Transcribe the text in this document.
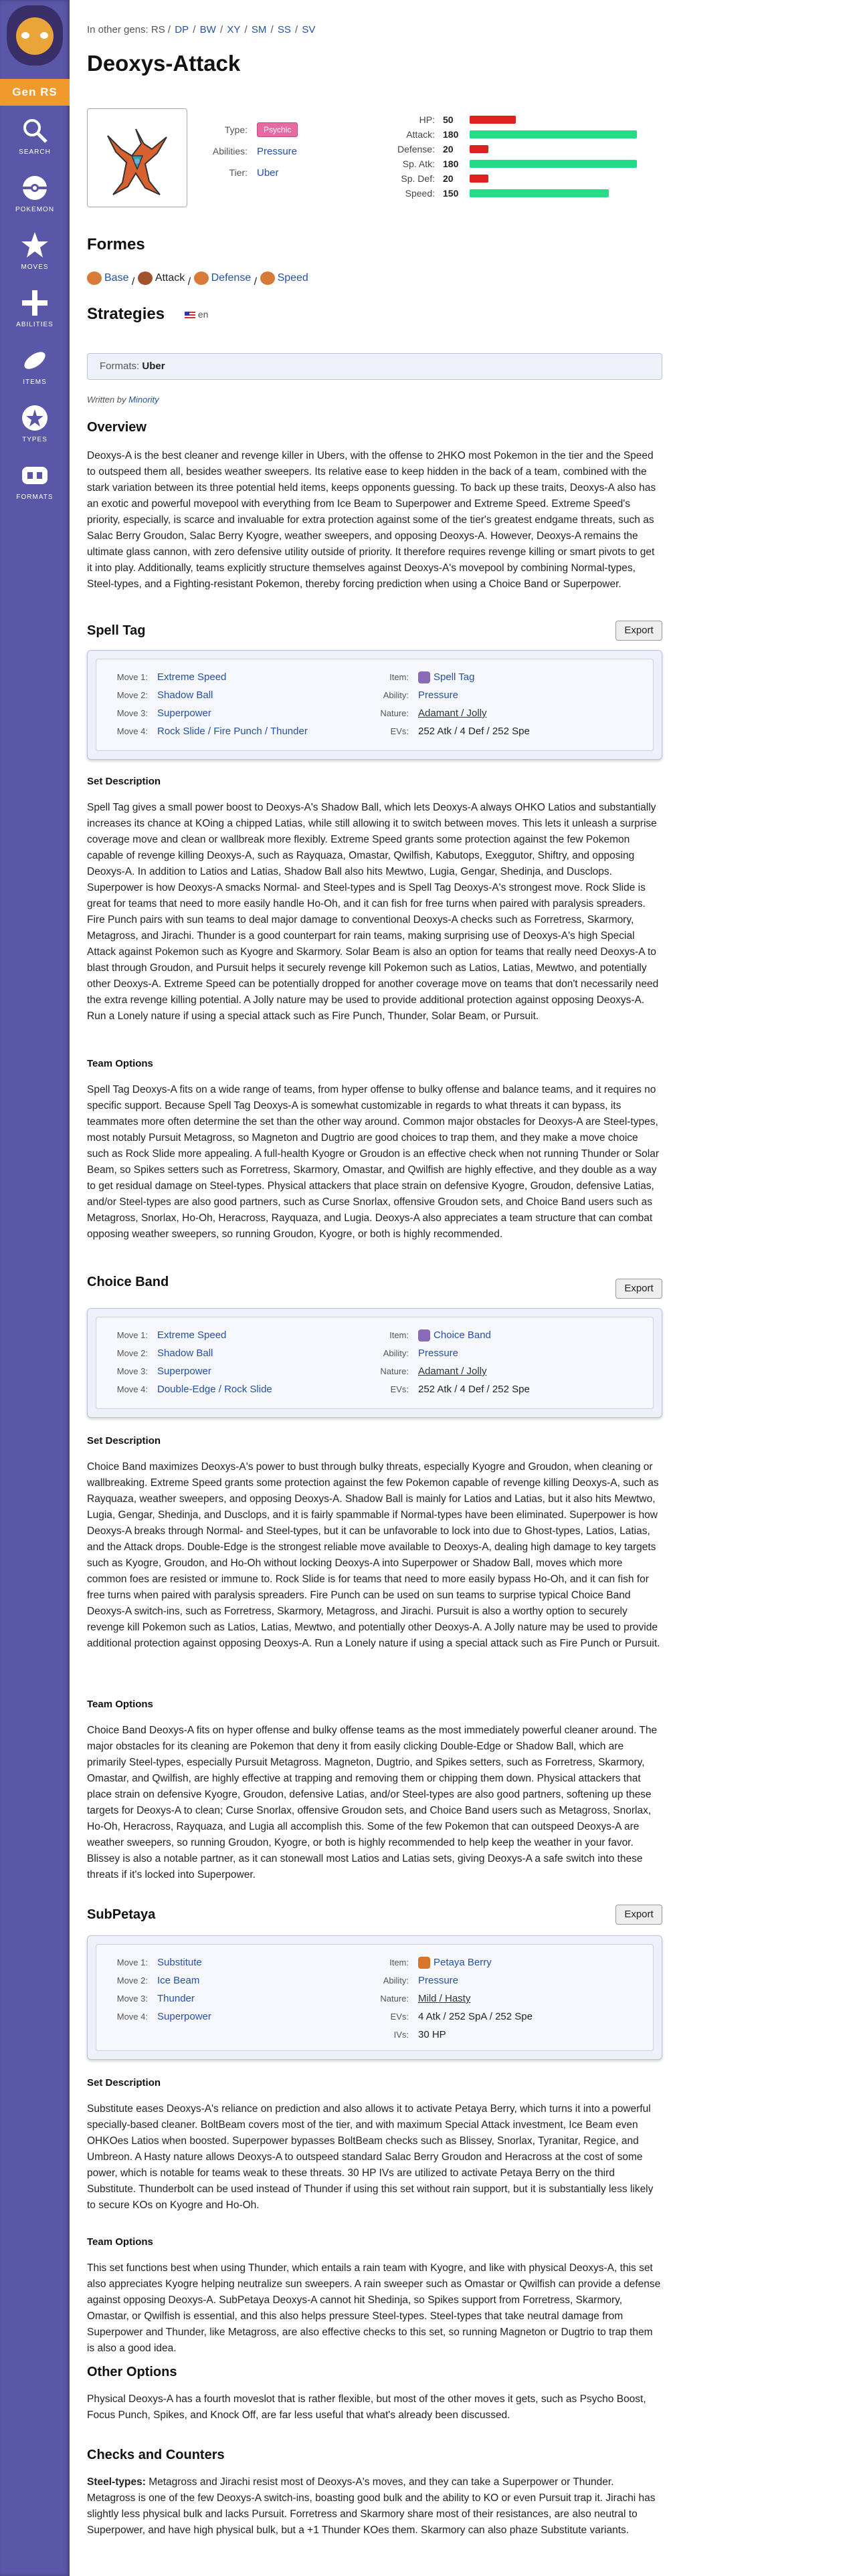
Gen RS
SEARCH
POKEMON
MOVES
ABILITIES
ITEMS
TYPES
FORMATS
In other gens: RS / DP / BW / XY / SM / SS / SV
Deoxys-Attack
Type:	Psychic
Abilities: Pressure
Tier: Uber
HP: 50
Attack: 180
Defense: 20
Sp. Atk: 180
Sp. Def: 20
Speed: 150
Formes
Base / Attack / Defense / Speed
Strategies	en
Formats: Uber
Written by Minority
Overview
Deoxys-A is the best cleaner and revenge killer in Ubers, with the offense to 2HKO most Pokemon in the tier and the Speed to outspeed them all, besides weather sweepers. Its relative ease to keep hidden in the back of a team, combined with the stark variation between its three potential held items, keeps opponents guessing. To back up these traits, Deoxys-A also has an exotic and powerful movepool with everything from Ice Beam to Superpower and Extreme Speed. Extreme Speed's priority, especially, is scarce and invaluable for extra protection against some of the tier's greatest endgame threats, such as Salac Berry Groudon, Salac Berry Kyogre, weather sweepers, and opposing Deoxys-A. However, Deoxys-A remains the ultimate glass cannon, with zero defensive utility outside of priority. It therefore requires revenge killing or smart pivots to get it into play. Additionally, teams explicitly structure themselves against Deoxys-A's movepool by combining Normal-types, Steel-types, and a Fighting-resistant Pokemon, thereby forcing prediction when using a Choice Band or Superpower.
Spell Tag	Export
Move 1: Extreme Speed
Move 2: Shadow Ball
Move 3: Superpower
Move 4: Rock Slide / Fire Punch / Thunder
Item: Spell Tag
Ability: Pressure
Nature: Adamant / Jolly
EVs: 252 Atk / 4 Def / 252 Spe
Set Description
Spell Tag gives a small power boost to Deoxys-A's Shadow Ball, which lets Deoxys-A always OHKO Latios and substantially increases its chance at KOing a chipped Latias, while still allowing it to switch between moves. This lets it unleash a surprise coverage move and clean or wallbreak more flexibly. Extreme Speed grants some protection against the few Pokemon capable of revenge killing Deoxys-A, such as Rayquaza, Omastar, Qwilfish, Kabutops, Exeggutor, Shiftry, and opposing Deoxys-A. In addition to Latios and Latias, Shadow Ball also hits Mewtwo, Lugia, Gengar, Shedinja, and Dusclops. Superpower is how Deoxys-A smacks Normal- and Steel-types and is Spell Tag Deoxys-A's strongest move. Rock Slide is great for teams that need to more easily handle Ho-Oh, and it can fish for free turns when paired with paralysis spreaders. Fire Punch pairs with sun teams to deal major damage to conventional Deoxys-A checks such as Forretress, Skarmory, Metagross, and Jirachi. Thunder is a good counterpart for rain teams, making surprising use of Deoxys-A's high Special Attack against Pokemon such as Kyogre and Skarmory. Solar Beam is also an option for teams that really need Deoxys-A to blast through Groudon, and Pursuit helps it securely revenge kill Pokemon such as Latios, Latias, Mewtwo, and potentially other Deoxys-A. Extreme Speed can be potentially dropped for another coverage move on teams that don't necessarily need the extra revenge killing potential. A Jolly nature may be used to provide additional protection against opposing Deoxys-A. Run a Lonely nature if using a special attack such as Fire Punch, Thunder, Solar Beam, or Pursuit.
Team Options
Spell Tag Deoxys-A fits on a wide range of teams, from hyper offense to bulky offense and balance teams, and it requires no specific support. Because Spell Tag Deoxys-A is somewhat customizable in regards to what threats it can bypass, its teammates more often determine the set than the other way around. Common major obstacles for Deoxys-A are Steel-types, most notably Pursuit Metagross, so Magneton and Dugtrio are good choices to trap them, and they make a move choice such as Rock Slide more appealing. A full-health Kyogre or Groudon is an effective check when not running Thunder or Solar Beam, so Spikes setters such as Forretress, Skarmory, Omastar, and Qwilfish are highly effective, and they double as a way to get residual damage on Steel-types. Physical attackers that place strain on defensive Kyogre, Groudon, defensive Latias, and/or Steel-types are also good partners, such as Curse Snorlax, offensive Groudon sets, and Choice Band users such as Metagross, Snorlax, Ho-Oh, Heracross, Rayquaza, and Lugia. Deoxys-A also appreciates a team structure that can combat opposing weather sweepers, so running Groudon, Kyogre, or both is highly recommended.
Choice Band	Export
Move 1: Extreme Speed
Move 2: Shadow Ball
Move 3: Superpower
Move 4: Double-Edge / Rock Slide
Item: Choice Band
Ability: Pressure
Nature: Adamant / Jolly
EVs: 252 Atk / 4 Def / 252 Spe
Set Description
Choice Band maximizes Deoxys-A's power to bust through bulky threats, especially Kyogre and Groudon, when cleaning or wallbreaking. Extreme Speed grants some protection against the few Pokemon capable of revenge killing Deoxys-A, such as Rayquaza, weather sweepers, and opposing Deoxys-A. Shadow Ball is mainly for Latios and Latias, but it also hits Mewtwo, Lugia, Gengar, Shedinja, and Dusclops, and it is fairly spammable if Normal-types have been eliminated. Superpower is how Deoxys-A breaks through Normal- and Steel-types, but it can be unfavorable to lock into due to Ghost-types, Latios, Latias, and the Attack drops. Double-Edge is the strongest reliable move available to Deoxys-A, dealing high damage to key targets such as Kyogre, Groudon, and Ho-Oh without locking Deoxys-A into Superpower or Shadow Ball, moves which more common foes are resisted or immune to. Rock Slide is for teams that need to more easily bypass Ho-Oh, and it can fish for free turns when paired with paralysis spreaders. Fire Punch can be used on sun teams to surprise typical Choice Band Deoxys-A switch-ins, such as Forretress, Skarmory, Metagross, and Jirachi. Pursuit is also a worthy option to securely revenge kill Pokemon such as Latios, Latias, Mewtwo, and potentially other Deoxys-A. A Jolly nature may be used to provide additional protection against opposing Deoxys-A. Run a Lonely nature if using a special attack such as Fire Punch or Pursuit.
Team Options
Choice Band Deoxys-A fits on hyper offense and bulky offense teams as the most immediately powerful cleaner around. The major obstacles for its cleaning are Pokemon that deny it from easily clicking Double-Edge or Shadow Ball, which are primarily Steel-types, especially Pursuit Metagross. Magneton, Dugtrio, and Spikes setters, such as Forretress, Skarmory, Omastar, and Qwilfish, are highly effective at trapping and removing them or chipping them down. Physical attackers that place strain on defensive Kyogre, Groudon, defensive Latias, and/or Steel-types are also good partners, softening up these targets for Deoxys-A to clean; Curse Snorlax, offensive Groudon sets, and Choice Band users such as Metagross, Snorlax, Ho-Oh, Heracross, Rayquaza, and Lugia all accomplish this. Some of the few Pokemon that can outspeed Deoxys-A are weather sweepers, so running Groudon, Kyogre, or both is highly recommended to help keep the weather in your favor. Blissey is also a notable partner, as it can stonewall most Latios and Latias sets, giving Deoxys-A a safe switch into these threats if it's locked into Superpower.
SubPetaya	Export
Move 1: Substitute
Move 2: Ice Beam
Move 3: Thunder
Move 4: Superpower
Item: Petaya Berry
Ability: Pressure
Nature: Mild / Hasty
EVs: 4 Atk / 252 SpA / 252 Spe
IVs: 30 HP
Set Description
Substitute eases Deoxys-A's reliance on prediction and also allows it to activate Petaya Berry, which turns it into a powerful specially-based cleaner. BoltBeam covers most of the tier, and with maximum Special Attack investment, Ice Beam even OHKOes Latios when boosted. Superpower bypasses BoltBeam checks such as Blissey, Snorlax, Tyranitar, Regice, and Umbreon. A Hasty nature allows Deoxys-A to outspeed standard Salac Berry Groudon and Heracross at the cost of some power, which is notable for teams weak to these threats. 30 HP IVs are utilized to activate Petaya Berry on the third Substitute. Thunderbolt can be used instead of Thunder if using this set without rain support, but it is substantially less likely to secure KOs on Kyogre and Ho-Oh.
Team Options
This set functions best when using Thunder, which entails a rain team with Kyogre, and like with physical Deoxys-A, this set also appreciates Kyogre helping neutralize sun sweepers. A rain sweeper such as Omastar or Qwilfish can provide a defense against opposing Deoxys-A. SubPetaya Deoxys-A cannot hit Shedinja, so Spikes support from Forretress, Skarmory, Omastar, or Qwilfish is essential, and this also helps pressure Steel-types. Steel-types that take neutral damage from Superpower and Thunder, like Metagross, are also effective checks to this set, so running Magneton or Dugtrio to trap them is also a good idea.
Other Options
Physical Deoxys-A has a fourth moveslot that is rather flexible, but most of the other moves it gets, such as Psycho Boost, Focus Punch, Spikes, and Knock Off, are far less useful that what's already been discussed.
Checks and Counters
Steel-types: Metagross and Jirachi resist most of Deoxys-A's moves, and they can take a Superpower or Thunder. Metagross is one of the few Deoxys-A switch-ins, boasting good bulk and the ability to KO or even Pursuit trap it. Jirachi has slightly less physical bulk and lacks Pursuit. Forretress and Skarmory share most of their resistances, are also neutral to Superpower, and have high physical bulk, but a +1 Thunder KOes them. Skarmory can also phaze Substitute variants.
